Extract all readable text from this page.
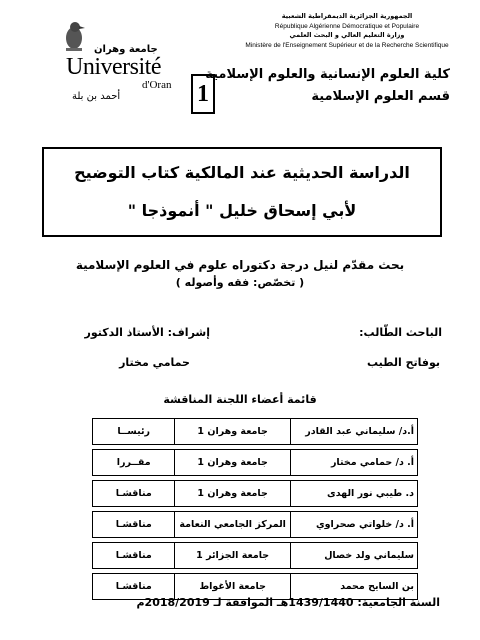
جامعة وهران
Université
d'Oran
أحمد بن بلة	1
الجمهورية الجزائرية الديمقراطية الشعبية
République Algérienne Démocratique et Populaire
وزارة التعليم العالي و البحث العلمي
Ministère de l'Enseignement Supérieur et de la Recherche Scientifique
كلية العلوم الإنسانية والعلوم الإسلامية
قسم العلوم الإسلامية
الدراسة الحديثية عند المالكية كتاب التوضيح
لأبي إسحاق خليل " أنموذجا "
بحث مقدّم لنيل درجة دكتوراه علوم في العلوم الإسلامية
( تخصّص: فقه وأصوله )
الباحث الطّالب:
بوفاتح الطيب
إشراف: الأستاذ الدكتور
حمامي مختار
قائمة أعضاء اللجنة المناقشة
أ.د/ سليماني عبد القادر	جامعة وهران 1	رئيســا

أ. د/ حمامي مختار	جامعة وهران 1	مقــررا

د. طيبي نور الهدى	جامعة وهران 1	مناقشـا

أ. د/ خلواتي صحراوي	المركز الجامعي النعامة	مناقشـا

سليماني ولد خصال	جامعة الجزائر 1	مناقشـا

بن السايح محمد	جامعة الأغواط	مناقشـا
السنة الجامعية: 1439/1440هـ الموافقة لـ 2018/2019م
